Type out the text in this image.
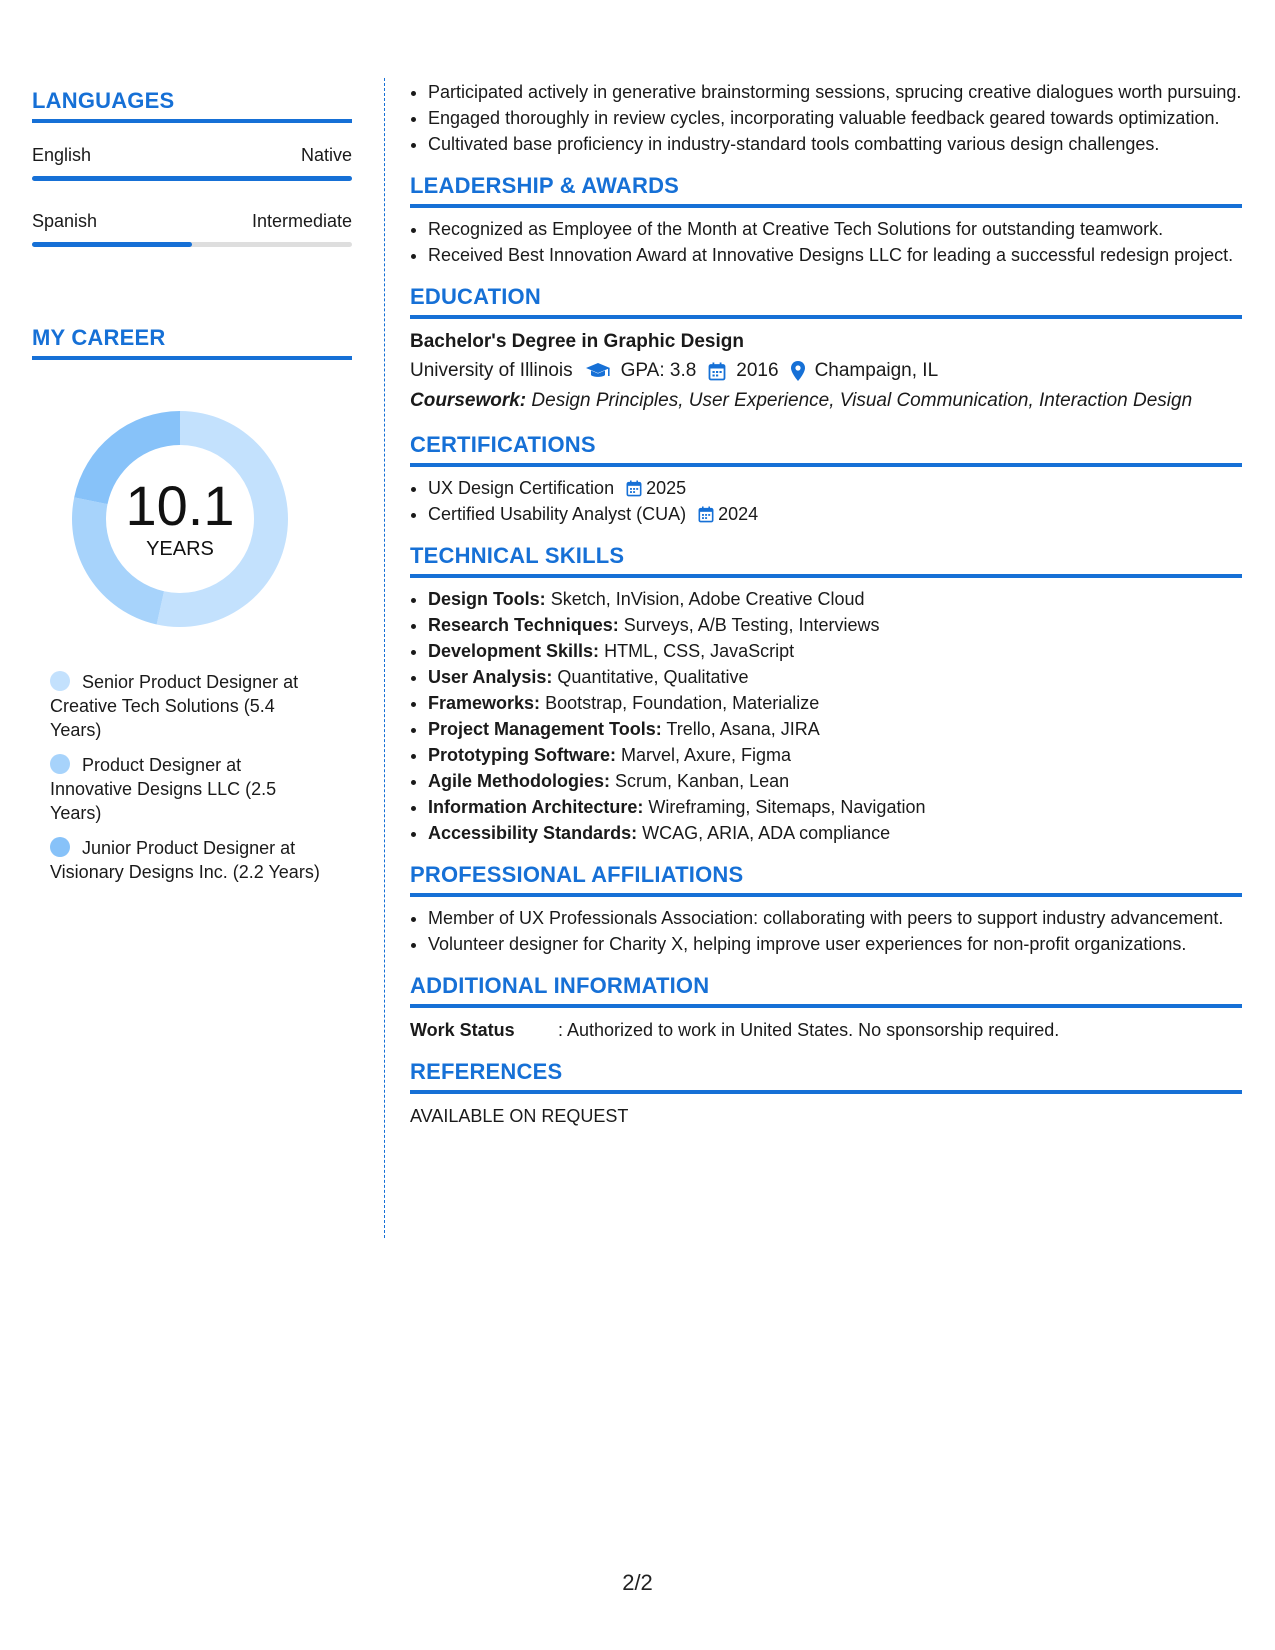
LANGUAGES
English	Native
Spanish	Intermediate
MY CAREER
10.1
YEARS
Senior Product Designer at Creative Tech Solutions (5.4 Years)
Product Designer at Innovative Designs LLC (2.5 Years)
Junior Product Designer at Visionary Designs Inc. (2.2 Years)
• Participated actively in generative brainstorming sessions, sprucing creative dialogues worth pursuing.
• Engaged thoroughly in review cycles, incorporating valuable feedback geared towards optimization.
• Cultivated base proficiency in industry-standard tools combatting various design challenges.
LEADERSHIP & AWARDS
• Recognized as Employee of the Month at Creative Tech Solutions for outstanding teamwork.
• Received Best Innovation Award at Innovative Designs LLC for leading a successful redesign project.
EDUCATION
Bachelor's Degree in Graphic Design
University of Illinois	GPA: 3.8 2016 Champaign, IL
Coursework: Design Principles, User Experience, Visual Communication, Interaction Design
CERTIFICATIONS
• UX Design Certification 2025
• Certified Usability Analyst (CUA) 2024
TECHNICAL SKILLS
• Design Tools: Sketch, InVision, Adobe Creative Cloud
• Research Techniques: Surveys, A/B Testing, Interviews
• Development Skills: HTML, CSS, JavaScript
• User Analysis: Quantitative, Qualitative
• Frameworks: Bootstrap, Foundation, Materialize
• Project Management Tools: Trello, Asana, JIRA
• Prototyping Software: Marvel, Axure, Figma
• Agile Methodologies: Scrum, Kanban, Lean
• Information Architecture: Wireframing, Sitemaps, Navigation
• Accessibility Standards: WCAG, ARIA, ADA compliance
PROFESSIONAL AFFILIATIONS
• Member of UX Professionals Association: collaborating with peers to support industry advancement.
• Volunteer designer for Charity X, helping improve user experiences for non-profit organizations.
ADDITIONAL INFORMATION
Work Status	: Authorized to work in United States. No sponsorship required.
REFERENCES
AVAILABLE ON REQUEST
2/2
